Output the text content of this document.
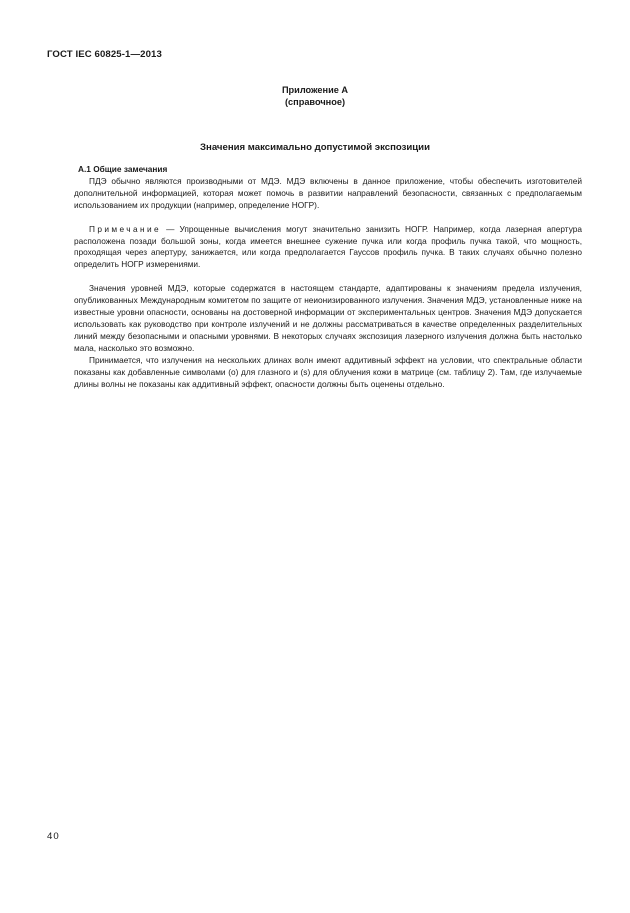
ГОСТ IEC 60825-1—2013
Приложение А
(справочное)
Значения максимально допустимой экспозиции

А.1 Общие замечания

ПДЭ обычно являются производными от МДЭ. МДЭ включены в данное приложение, чтобы обеспечить изготовителей дополнительной информацией, которая может помочь в развитии направлений безопасности, связанных с предполагаемым использованием их продукции (например, определение НОГР).

Примечание — Упрощенные вычисления могут значительно занизить НОГР. Например, когда лазерная апертура расположена позади большой зоны, когда имеется внешнее сужение пучка или когда профиль пучка такой, что мощность, проходящая через апертуру, занижается, или когда предполагается Гауссов профиль пучка. В таких случаях обычно полезно определить НОГР измерениями.

Значения уровней МДЭ, которые содержатся в настоящем стандарте, адаптированы к значениям предела излучения, опубликованных Международным комитетом по защите от неионизированного излучения. Значения МДЭ, установленные ниже на известные уровни опасности, основаны на достоверной информации от экспериментальных центров. Значения МДЭ допускается использовать как руководство при контроле излучений и не должны рассматриваться в качестве определенных разделительных линий между безопасными и опасными уровнями. В некоторых случаях экспозиция лазерного излучения должна быть настолько мала, насколько это возможно.

Принимается, что излучения на нескольких длинах волн имеют аддитивный эффект на условии, что спектральные области показаны как добавленные символами (о) для глазного и (s) для облучения кожи в матрице (см. таблицу 2). Там, где излучаемые длины волны не показаны как аддитивный эффект, опасности должны быть оценены отдельно.

40
